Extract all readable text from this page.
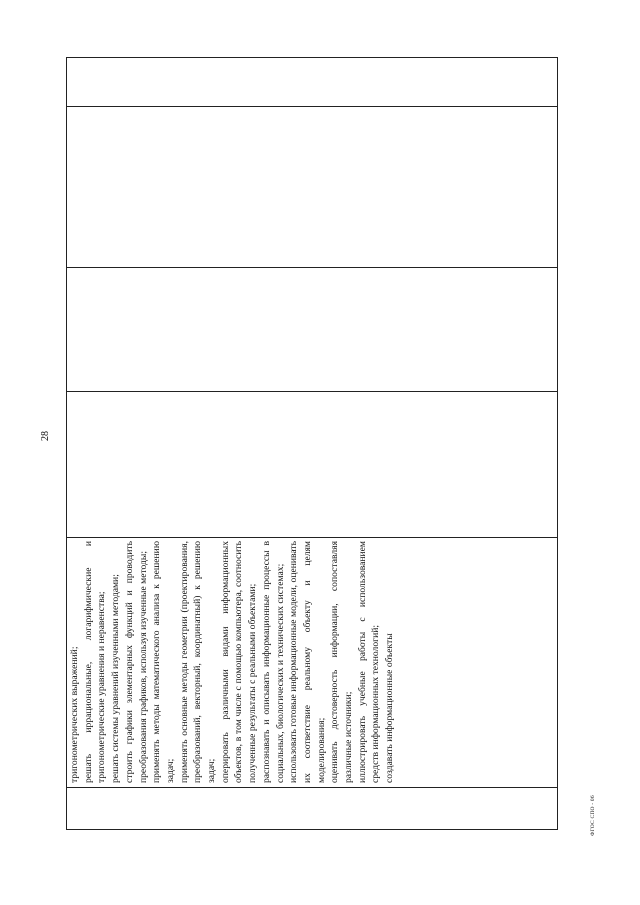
тригонометрических выражений; решать иррациональные, логарифмические и тригонометрические уравнения и неравенства; решать системы уравнений изученными методами; строить графики элементарных функций и проводить преобразования графиков, используя изученные методы; применять методы математического анализа к решению задач; применять основные методы геометрии (проектирования, преобразований, векторный, координатный) к решению задач; оперировать различными видами информационных объектов, в том числе с помощью компьютера, соотносить полученные результаты с реальными объектами; распознавать и описывать информационные процессы в социальных, биологических и технических системах; использовать готовые информационные модели, оценивать их соответствие реальному объекту и целям моделирования; оценивать достоверность информации, сопоставляя различные источники; иллюстрировать учебные работы с использованием средств информационных технологий; создавать информационные объекты

28
ФГОС СПО - 06
